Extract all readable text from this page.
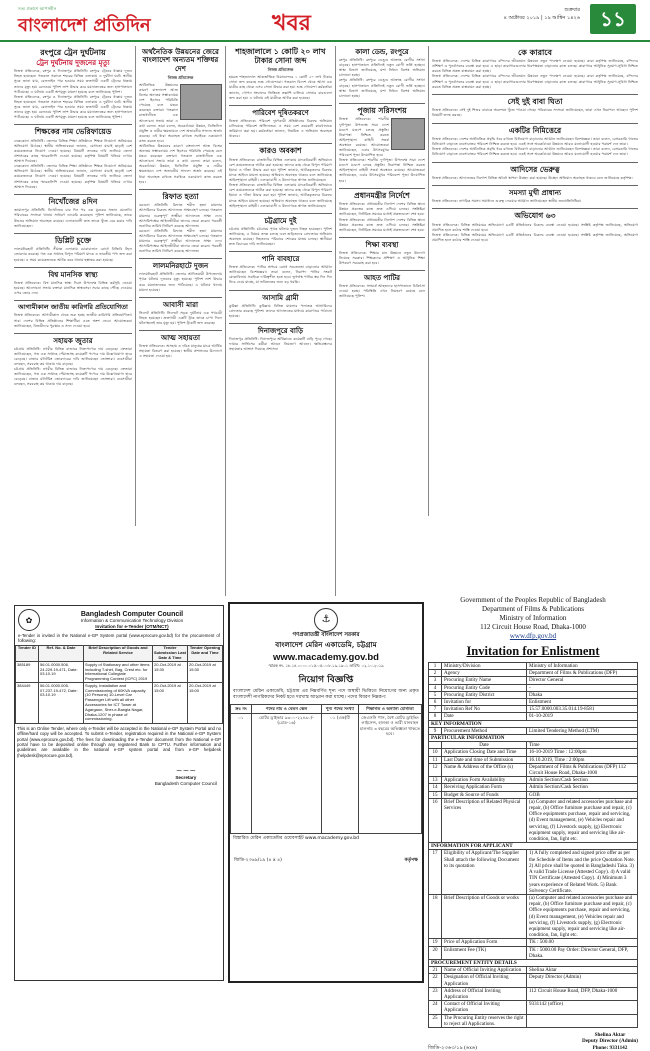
সত্য প্রকাশে আপসহীন
বাংলাদেশ প্রতিদিন	খবর	শুক্রবার
৪ অক্টোবর ২০১৯ | ১৯ আশ্বিন ১৪২৬	১১
রংপুরে ট্রেন দুর্ঘটনায়
ট্রেন দুর্ঘটনায় দুজনের মৃত্যু
নিজস্ব প্রতিবেদক, রংপুর ও দিনাজপুর প্রতিনিধি: রংপুরে ট্রেনের ধাক্কায় দুজন নিহত হয়েছেন। গতকাল সকালে শহরের বিভিন্ন এলাকায় এ দুর্ঘটনা ঘটে। স্থানীয় সূত্রে জানা যায়, রেললাইন পার হওয়ার সময় দ্রুতগামী একটি ট্রেনের ধাক্কায় তাদের মৃত্যু হয়। রেলওয়ে পুলিশ লাশ উদ্ধার করে ময়নাতদন্তের জন্য হাসপাতালে পাঠিয়েছে। এ ঘটনায় একটি অপমৃত্যু মামলা হয়েছে বলে জানিয়েছে পুলিশ।
নিজস্ব প্রতিবেদক, রংপুর ও দিনাজপুর প্রতিনিধি: রংপুরে ট্রেনের ধাক্কায় দুজন নিহত হয়েছেন। গতকাল সকালে শহরের বিভিন্ন এলাকায় এ দুর্ঘটনা ঘটে। স্থানীয় সূত্রে জানা যায়, রেললাইন পার হওয়ার সময় দ্রুতগামী একটি ট্রেনের ধাক্কায় তাদের মৃত্যু হয়। রেলওয়ে পুলিশ লাশ উদ্ধার করে ময়নাতদন্তের জন্য হাসপাতালে পাঠিয়েছে। এ ঘটনায় একটি অপমৃত্যু মামলা হয়েছে বলে জানিয়েছে পুলিশ।
শিক্ষকের নাম ভেরিফায়েড
নেত্রকোনা প্রতিনিধি: জেলার বিভিন্ন শিক্ষা প্রতিষ্ঠানে শিক্ষক নিয়োগে অনিয়মের অভিযোগ উঠেছে। স্থানীয় অভিভাবকরা জানান, যোগ্যতা যাচাই ছাড়াই বেশ কয়েকজনকে নিয়োগ দেওয়া হয়েছে। বিষয়টি তদন্তের দাবি জানিয়ে জেলা প্রশাসকের কাছে স্মারকলিপি দেওয়া হয়েছে। কর্তৃপক্ষ বিষয়টি খতিয়ে দেখার আশ্বাস দিয়েছে।
নেত্রকোনা প্রতিনিধি: জেলার বিভিন্ন শিক্ষা প্রতিষ্ঠানে শিক্ষক নিয়োগে অনিয়মের অভিযোগ উঠেছে। স্থানীয় অভিভাবকরা জানান, যোগ্যতা যাচাই ছাড়াই বেশ কয়েকজনকে নিয়োগ দেওয়া হয়েছে। বিষয়টি তদন্তের দাবি জানিয়ে জেলা প্রশাসকের কাছে স্মারকলিপি দেওয়া হয়েছে। কর্তৃপক্ষ বিষয়টি খতিয়ে দেখার আশ্বাস দিয়েছে।
নিখোঁজের ৪দিন
জামালপুর প্রতিনিধি: নিখোঁজের চার দিন পর এক যুবকের সন্ধান মেলেনি। পরিবারের সদস্যরা থানায় সাধারণ ডায়েরি করেছেন। পুলিশ জানিয়েছে, তাকে উদ্ধারে অভিযান অব্যাহত রয়েছে। এলাকাবাসী দ্রুত তাকে খুঁজে বের করার দাবি জানিয়েছেন।
ডিপ্লিট চুক্তে
লালমনিরহাট প্রতিনিধি: সীমান্ত এলাকায় চোরাচালান রোধে বিজিবি টহল জোরদার করেছে। গত এক সপ্তাহে বিপুল পরিমাণ মাদক ও ভারতীয় পণ্য জব্দ করা হয়েছে। এ সময় কয়েকজনকে আটক করে থানায় হস্তান্তর করা হয়েছে।
বিশ্ব মানসিক স্বাস্থ্য
নিজস্ব প্রতিবেদক: বিশ্ব মানসিক স্বাস্থ্য দিবস উপলক্ষে বিভিন্ন কর্মসূচি নেওয়া হয়েছে। আলোচনা সভায় বক্তারা মানসিক স্বাস্থ্যসেবা সবার কাছে পৌঁছে দেওয়ার ওপর জোর দেন।
আগামীকাল জাতীয় কারিগরি প্রতিযোগিতা
নিজস্ব প্রতিবেদক: আগামীকাল থেকে শুরু হচ্ছে জাতীয় কারিগরি প্রতিযোগিতা। সারা দেশের বিভিন্ন প্রতিষ্ঠানের শিক্ষার্থীরা এতে অংশ নেবে। আয়োজকরা জানিয়েছেন, বিজয়ীদের পুরস্কার ও সনদ দেওয়া হবে।
সহায়ক জুতার
চট্টগ্রাম প্রতিনিধি: নগরীর বিভিন্ন বাজারে নিত্যপণ্যের দাম বেড়েছে। ক্রেতারা জানিয়েছেন, গত এক সপ্তাহে পেঁয়াজসহ কয়েকটি পণ্যের দাম উল্লেখযোগ্য হারে বেড়েছে। বাজার মনিটরিং জোরদারের দাবি জানিয়েছেন ভোক্তারা। ব্যবসায়ীরা বলছেন, সরবরাহ কম থাকায় দাম বাড়ছে।
চট্টগ্রাম প্রতিনিধি: নগরীর বিভিন্ন বাজারে নিত্যপণ্যের দাম বেড়েছে। ক্রেতারা জানিয়েছেন, গত এক সপ্তাহে পেঁয়াজসহ কয়েকটি পণ্যের দাম উল্লেখযোগ্য হারে বেড়েছে। বাজার মনিটরিং জোরদারের দাবি জানিয়েছেন ভোক্তারা। ব্যবসায়ীরা বলছেন, সরবরাহ কম থাকায় দাম বাড়ছে।
অর্থনৈতিক উন্নয়নের জেরে বাংলাদেশ অন্যতম শক্তিধর দেশ
নিজস্ব প্রতিবেদক
অর্থনৈতিক উন্নয়নের কারণে বাংলাদেশ আজ বিশ্বের অন্যতম সম্ভাবনাময় দেশ হিসেবে পরিচিতি পেয়েছে বলে মন্তব্য করেছেন বক্তারা। গতকাল রাজধানীতে এক আলোচনা সভায় তারা এ কথা বলেন। তারা বলেন, অবকাঠামো উন্নয়ন, ডিজিটাল প্রযুক্তি ও নারীর ক্ষমতায়নে দেশ অভাবনীয় সাফল্য অর্জন করেছে। এই ধারা অব্যাহত রাখতে সবাইকে একযোগে কাজ করতে হবে।
অর্থনৈতিক উন্নয়নের কারণে বাংলাদেশ আজ বিশ্বের অন্যতম সম্ভাবনাময় দেশ হিসেবে পরিচিতি পেয়েছে বলে মন্তব্য করেছেন বক্তারা। গতকাল রাজধানীতে এক আলোচনা সভায় তারা এ কথা বলেন। তারা বলেন, অবকাঠামো উন্নয়ন, ডিজিটাল প্রযুক্তি ও নারীর ক্ষমতায়নে দেশ অভাবনীয় সাফল্য অর্জন করেছে। এই ধারা অব্যাহত রাখতে সবাইকে একযোগে কাজ করতে হবে।
রিফাত হত্যা
বরগুনা প্রতিনিধি: রিফাত শরীফ হত্যা মামলার আসামিদের বিরুদ্ধে আদালতে সাক্ষ্যগ্রহণ চলছে। গতকাল মামলার গুরুত্বপূর্ণ সাক্ষীরা আদালতে সাক্ষ্য দেন। আসামিপক্ষের আইনজীবীরা তাদের জেরা করেন। পরবর্তী শুনানির তারিখ নির্ধারণ করেছে আদালত।
বরগুনা প্রতিনিধি: রিফাত শরীফ হত্যা মামলার আসামিদের বিরুদ্ধে আদালতে সাক্ষ্যগ্রহণ চলছে। গতকাল মামলার গুরুত্বপূর্ণ সাক্ষীরা আদালতে সাক্ষ্য দেন। আসামিপক্ষের আইনজীবীরা তাদের জেরা করেন। পরবর্তী শুনানির তারিখ নির্ধারণ করেছে আদালত।
লালমনিরহাটে দুজন
লালমনিরহাট প্রতিনিধি: জেলার আদিতমারী উপজেলায় পৃথক ঘটনায় দুজনের মৃত্যু হয়েছে। পুলিশ লাশ উদ্ধার করে ময়নাতদন্তের জন্য পাঠিয়েছে। এ ঘটনায় থানায় মামলা হয়েছে।
আবাসী মারা
সিলেট প্রতিনিধি: সিলেটে সড়ক দুর্ঘটনায় এক পথচারী নিহত হয়েছেন। দ্রুতগামী একটি ট্রাক তাকে চাপা দিলে ঘটনাস্থলেই তার মৃত্যু হয়। পুলিশ ট্রাকটি জব্দ করেছে।
আত্ম সহায়তা
নিজস্ব প্রতিবেদক: অসহায় ও দরিদ্র মানুষের মাঝে আর্থিক সহায়তা বিতরণ করা হয়েছে। স্থানীয় প্রশাসনের উদ্যোগে এ সহায়তা দেওয়া হয়।
শাহজালালে ১ কোটি ২০ লাখ টাকার সোনা জব্দ
নিজস্ব প্রতিবেদক
হযরত শাহজালাল আন্তর্জাতিক বিমানবন্দরে ১ কোটি ২০ লাখ টাকার সোনা জব্দ করেছে শুল্ক গোয়েন্দারা। গতকাল বিদেশ থেকে আসা এক যাত্রীর কাছ থেকে এসব সোনা উদ্ধার করা হয়। শুল্ক গোয়েন্দা কর্মকর্তারা জানান, গোপন সংবাদের ভিত্তিতে তল্লাশি চালিয়ে সোনার বারগুলো জব্দ করা হয়। এ ঘটনায় ওই যাত্রীকে আটক করা হয়েছে।
পারিবেশ দূষিতকরণে
নিজস্ব প্রতিবেদক: পরিবেশ দূষণকারী প্রতিষ্ঠানের বিরুদ্ধে অভিযান চালিয়েছে পরিবেশ অধিদফতর। এ সময় বেশ কয়েকটি কারখানাকে জরিমানা করা হয়। কর্মকর্তারা জানান, নিয়মিত এ অভিযান অব্যাহত থাকবে।
কারও অবকাশ
নিজস্ব প্রতিবেদক: রাজধানীর বিভিন্ন এলাকায় মাদকবিরোধী অভিযানে বেশ কয়েকজনকে আটক করা হয়েছে। তাদের কাছ থেকে বিপুল পরিমাণ ইয়াবা ও গাঁজা উদ্ধার করা হয়। পুলিশ জানায়, আটককৃতদের বিরুদ্ধে মাদক আইনে মামলা হয়েছে। অভিযান অব্যাহত থাকবে বলে জানিয়েছে আইনশৃঙ্খলা বাহিনী। এলাকাবাসী এ উদ্যোগকে স্বাগত জানিয়েছেন।
নিজস্ব প্রতিবেদক: রাজধানীর বিভিন্ন এলাকায় মাদকবিরোধী অভিযানে বেশ কয়েকজনকে আটক করা হয়েছে। তাদের কাছ থেকে বিপুল পরিমাণ ইয়াবা ও গাঁজা উদ্ধার করা হয়। পুলিশ জানায়, আটককৃতদের বিরুদ্ধে মাদক আইনে মামলা হয়েছে। অভিযান অব্যাহত থাকবে বলে জানিয়েছে আইনশৃঙ্খলা বাহিনী। এলাকাবাসী এ উদ্যোগকে স্বাগত জানিয়েছেন।
চট্টগ্রামে দুই
চট্টগ্রাম প্রতিনিধি: চট্টগ্রামে পৃথক ঘটনায় দুজন নিহত হয়েছেন। পুলিশ জানিয়েছে, এ বিষয়ে তদন্ত চলছে এবং জড়িতদের গ্রেফতারে অভিযান অব্যাহত রয়েছে। নিহতদের পরিবারে শোকের মাতম চলছে। স্থানীয়রা দ্রুত বিচারের দাবি জানিয়েছেন।
পানি বাবহারে
নিজস্ব প্রতিবেদক: পানির অপচয় রোধে সচেতনতা বাড়ানোর আহ্বান জানিয়েছেন বিশেষজ্ঞরা। তারা বলেন, নিরাপদ পানির সংকট মোকাবিলায় সবাইকে দায়িত্বশীল হতে হবে। ভূগর্ভস্থ পানির স্তর দিন দিন নিচে নেমে যাচ্ছে, যা ভবিষ্যতের জন্য বড় হুমকি।
আসামি গ্রামী
কুমিল্লা প্রতিনিধি: কুমিল্লায় বিভিন্ন মামলার পলাতক আসামিদের গ্রেফতার করেছে পুলিশ। তাদের আদালতের মাধ্যমে কারাগারে পাঠানো হয়েছে।
দিনাজপুরে বাড়ি
দিনাজপুর প্রতিনিধি: দিনাজপুরে অগ্নিকাণ্ডে কয়েকটি বাড়ি পুড়ে গেছে। ফায়ার সার্ভিসের কর্মীরা আগুন নিয়ন্ত্রণে আনেন। ক্ষতিগ্রস্তদের সহায়তার আশ্বাস দিয়েছে প্রশাসন।
কালা ডেন্ড, রংপুরে
রংপুর প্রতিনিধি: রংপুরে ডেঙ্গু আক্রান্ত রোগীর সংখ্যা বাড়ছে। হাসপাতালে প্রতিদিনই নতুন রোগী ভর্তি হচ্ছেন। স্বাস্থ্য বিভাগ জানিয়েছে, মশা নিধনে বিশেষ অভিযান চালানো হচ্ছে।
রংপুর প্রতিনিধি: রংপুরে ডেঙ্গু আক্রান্ত রোগীর সংখ্যা বাড়ছে। হাসপাতালে প্রতিদিনই নতুন রোগী ভর্তি হচ্ছেন। স্বাস্থ্য বিভাগ জানিয়েছে, মশা নিধনে বিশেষ অভিযান চালানো হচ্ছে।
পূজায় সরিসংশয়
নিজস্ব প্রতিবেদক: শারদীয় দুর্গাপূজা উপলক্ষে সারা দেশে মণ্ডপে মণ্ডপে চলছে প্রস্তুতি। নিরাপত্তা নিশ্চিত করতে আইনশৃঙ্খলা বাহিনী সতর্ক অবস্থানে রয়েছে। আয়োজকরা জানিয়েছেন, এবার উৎসবমুখর পরিবেশে পূজা উদযাপিত হবে।
নিজস্ব প্রতিবেদক: শারদীয় দুর্গাপূজা উপলক্ষে সারা দেশে মণ্ডপে মণ্ডপে চলছে প্রস্তুতি। নিরাপত্তা নিশ্চিত করতে আইনশৃঙ্খলা বাহিনী সতর্ক অবস্থানে রয়েছে। আয়োজকরা জানিয়েছেন, এবার উৎসবমুখর পরিবেশে পূজা উদযাপিত হবে।
প্রধানমন্ত্রীর নির্দেশে
নিজস্ব প্রতিবেদক: প্রধানমন্ত্রীর নির্দেশে দেশের বিভিন্ন স্থানে উন্নয়ন প্রকল্পের কাজ দ্রুত এগিয়ে চলছে। সংশ্লিষ্টরা জানিয়েছেন, নির্ধারিত সময়ের মধ্যেই প্রকল্পগুলো শেষ হবে।
নিজস্ব প্রতিবেদক: প্রধানমন্ত্রীর নির্দেশে দেশের বিভিন্ন স্থানে উন্নয়ন প্রকল্পের কাজ দ্রুত এগিয়ে চলছে। সংশ্লিষ্টরা জানিয়েছেন, নির্ধারিত সময়ের মধ্যেই প্রকল্পগুলো শেষ হবে।
শিক্ষা ব্যবস্থা
নিজস্ব প্রতিবেদক: শিক্ষার মান উন্নয়নে নতুন উদ্যোগ নিয়েছে সরকার। শিক্ষকদের প্রশিক্ষণ ও আধুনিক শিক্ষা উপকরণ সরবরাহ করা হবে।
আহত পাটির
নিজস্ব প্রতিবেদক: সংঘর্ষে আহতদের হাসপাতালে চিকিৎসা দেওয়া হচ্ছে। পরিস্থিতি এখন নিয়ন্ত্রণে রয়েছে বলে জানিয়েছে পুলিশ।
কে কারাবে
নিজস্ব প্রতিবেদক: দেশের বিভিন্ন কারাগারে বন্দিদের জীবনমান উন্নয়নে নতুন পদক্ষেপ নেওয়া হয়েছে। কারা কর্তৃপক্ষ জানিয়েছে, বন্দিদের প্রশিক্ষণ ও পুনর্বাসনের ব্যবস্থা করা হবে। এ ছাড়া কারাগারগুলোর ধারণক্ষমতা বাড়ানোর কাজ চলছে। কারাগারে আধুনিক সুযোগ-সুবিধা নিশ্চিত করতে বিভিন্ন প্রকল্প বাস্তবায়ন করা হচ্ছে।
নিজস্ব প্রতিবেদক: দেশের বিভিন্ন কারাগারে বন্দিদের জীবনমান উন্নয়নে নতুন পদক্ষেপ নেওয়া হয়েছে। কারা কর্তৃপক্ষ জানিয়েছে, বন্দিদের প্রশিক্ষণ ও পুনর্বাসনের ব্যবস্থা করা হবে। এ ছাড়া কারাগারগুলোর ধারণক্ষমতা বাড়ানোর কাজ চলছে। কারাগারে আধুনিক সুযোগ-সুবিধা নিশ্চিত করতে বিভিন্ন প্রকল্প বাস্তবায়ন করা হচ্ছে।
সেই দুই বাবা ঘিতা
নিজস্ব প্রতিবেদক: সেই দুই শিশুর বাবাকে অবশেষে খুঁজে পাওয়া গেছে। পরিবারের সদস্যরা জানিয়েছেন, তারা এখন নিরাপদে আছেন। পুলিশ বিষয়টি তদন্ত করছে।
একটির নিমিত্তেরে
নিজস্ব প্রতিবেদক: দেশের অর্থনৈতিক প্রবৃদ্ধি ধরে রাখতে বিনিয়োগ বাড়ানোর আহ্বান জানিয়েছেন বিশেষজ্ঞরা। তারা বলেন, বেসরকারি খাতের বিনিয়োগ বাড়াতে ব্যবসাবান্ধব পরিবেশ নিশ্চিত করতে হবে। একই সঙ্গে অবকাঠামো উন্নয়নে আরও মনোযোগী হওয়ার পরামর্শ দেন তারা।
নিজস্ব প্রতিবেদক: দেশের অর্থনৈতিক প্রবৃদ্ধি ধরে রাখতে বিনিয়োগ বাড়ানোর আহ্বান জানিয়েছেন বিশেষজ্ঞরা। তারা বলেন, বেসরকারি খাতের বিনিয়োগ বাড়াতে ব্যবসাবান্ধব পরিবেশ নিশ্চিত করতে হবে। একই সঙ্গে অবকাঠামো উন্নয়নে আরও মনোযোগী হওয়ার পরামর্শ দেন তারা।
আদিসের ভেরুত্ব
নিজস্ব প্রতিবেদক: আদালতের নির্দেশে বিভিন্ন অবৈধ স্থাপনা উচ্ছেদ করা হয়েছে। উচ্ছেদ অভিযান অব্যাহত থাকবে বলে জানিয়েছে কর্তৃপক্ষ।
সমস্যা মুখী প্রাধান্য
নিজস্ব প্রতিবেদক: নাগরিক সমস্যা সমাধানে গুরুত্ব দেওয়ার আহ্বান জানিয়েছেন স্থানীয় জনপ্রতিনিধিরা।
অভিযোগ ৬৩
নিজস্ব প্রতিবেদক: বিভিন্ন অনিয়মের অভিযোগে ৬৩টি প্রতিষ্ঠানের বিরুদ্ধে ব্যবস্থা নেওয়া হয়েছে। সংশ্লিষ্ট কর্তৃপক্ষ জানিয়েছে, অভিযোগ প্রমাণিত হলে কঠোর শাস্তি দেওয়া হবে।
নিজস্ব প্রতিবেদক: বিভিন্ন অনিয়মের অভিযোগে ৬৩টি প্রতিষ্ঠানের বিরুদ্ধে ব্যবস্থা নেওয়া হয়েছে। সংশ্লিষ্ট কর্তৃপক্ষ জানিয়েছে, অভিযোগ প্রমাণিত হলে কঠোর শাস্তি দেওয়া হবে।
✿
Bangladesh Computer Council
Information & Communication Technology Division
Invitation for e-Tender (OTM/NCT)
e-Tender is invited in the National e-GP System portal (www.eprocure.gov.bd) for the procurement of following:
Tender ID	Ref. No. & Date	Brief Description of Goods and Related Service	Tender Submission Last Date & Time	Tender Opening Date and Time
385189	56.01.0000.506. 24.229.19-471, Date: 03.10.19	Supply of Stationary and other items including T-shirt, Bag, Crest etc. for International Collegiate Programming Contest (ICPC) 2019	20-Oct-2019 at 15:30	20-Oct-2019 at 15:30
384449	56.01.0000.005. 07.237.19-472, Date: 03.10.19	Supply, Installation and Commissioning of 60KVA capacity (10 Persons) 10-Level Car Passenger Lift with all other Accessories for ICT Tower at Agargaon, Sher-e-Bangla Nagar, Dhaka-1207 in phase of commissioning.	20-Oct-2019 at 15:00	20-Oct-2019 at 15:00
This is an Online Tender, where only e-Tender will be accepted in the National e-GP System Portal and no offline/hard copy will be accepted. To submit e-Tender, registration required in the National e-GP System portal (www.eprocure.gov.bd). The fees for downloading the e-Tender document from the National e-GP portal have to be deposited online through any registered Bank to CPTU. Further information and guidelines are available in the national e-GP system portal and from e-GP helpdesk (helpdesk@eprocure.gov.bd).
~~~
Secretary
Bangladesh Computer Council
⚓
গণপ্রজাতন্ত্রী বাংলাদেশ সরকার
বাংলাদেশ মেরিন একাডেমি, চট্টগ্রাম
www.macademy.gov.bd
স্মারক নং- ১৮.১৪.০০০০.০১৫.০৫.০০৮.১৯-১৯০১ তারিখ: ০২.১০.২০১৯
নিয়োগ বিজ্ঞপ্তি
বাংলাদেশ মেরিন একাডেমি, চট্টগ্রাম এর নিম্নবর্ণিত শূন্য পদে অস্থায়ী ভিত্তিতে নিয়োগের জন্য প্রকৃত বাংলাদেশী নাগরিকদের নিকট হতে দরখাস্ত আহ্বান করা যাচ্ছে। পদের বিবরণ নিম্নরূপ:
ক্রঃ নং	পদের নাম ও বেতন স্কেল	শূন্য পদের সংখ্যা	শিক্ষাগত ও অন্যান্য যোগ্যতা
০১	মোটর ড্রাইভার ৯৩০০-২২৪৯০/- (গ্রেড-১৬)	০১ (এক)টি	জেএসসি পাস, বৈধ মোটর ড্রাইভিং লাইসেন্স, হালকা ও ভারী যানবাহন চালনায় ৩ বছরের অভিজ্ঞতা থাকতে হবে।
বিস্তারিত মেরিন একাডেমির ওয়েবসাইট www.macademy.gov.bd
জিডি-২৩৬৯/১৯ (৪ x ৪)	কর্তৃপক্ষ
Government of the Peoples Republic of Bangladesh
Department of Films & Publications
Ministry of Information
112 Circuit House Road, Dhaka-1000
www.dfp.gov.bd
Invitation for Enlistment
1	Ministry/Division	Ministry of Information
2	Agency	Department of Films & Publications (DFP)
3	Procuring Entity Name	Director General
4	Procuring Entity Code	-
5	Procuring Entity District	Dhaka
6	Invitation for	Enlistment
7	Invitation Ref No	15.57.0000.003.35.014.19-8581
8	Date	01-10-2019
KEY INFORMATION		
9	Procurement Method	Limited Tendering Method (LTM)
PARTICULAR INFORMATION		
	Date	Time
10	Application Closing Date and Time	16-10-2019 Time : 12:00pm
11	Last Date and time of Submission	16.10.2019, Time : 2:00pm
12	Name & Address of the Office (s)	Department of Films & Publications (DFP) 112 Circuit House Road, Dhaka-1000
13	Application Form Availability	Admin Section/Cash Section
14	Receiving Application Form	Admin Section/Cash Section
15	Budget & Source of Funds	GOB
16	Brief Description of Related Physical Services	(a) Computer and related accessories purchase and repair, (b) Office furniture purchase and repair, (c) Office equipments purchase, repair and servicing, (d) Event management, (e) Vehicles repair and servicing, (f) Livestock supply, (g) Electronic equipment supply, repair and servicing like air-condition, fan, light etc.
INFORMATION FOR APPLICANT		
17	Eligibility of Applicant/The Supplier Shall attach the following Document to its quotation	1) A fully completed and signed price offer as per the Schedule of Items and the price Quotation Note. 2) All price shall be quoted in Bangladeshi Taka. 3) A valid Trade License (Attested Copy). 4) A valid TIN Certificate (Attested Copy). 4) Minimum 3 years experience of Related Work. 5) Bank Solvency Certificate.
18	Brief Description of Goods or works	(a) Computer and related accessories purchase and repair, (b) Office furniture purchase and repair, (c) Office equipments purchase, repair and servicing, (d) Event management, (e) Vehicles repair and servicing, (f) Livestock supply, (g) Electronic equipment supply, repair and servicing like air-condition, fan, light etc.
19	Price of Application Form	TK : 500.00
20	Enlistment Fee (TK)	TK : 5000.00 Pay Order: Director General, DFP, Dhaka.
PROCUREMENT ENTITY DETAILS		
21	Name of Official Inviting Application	Shelina Aktar
22	Designation of Official Inviting Application	Deputy Director (Admin)
23	Address of Official Inviting Application	112 Circuit House Road, DFP, Dhaka-1000
24	Contact of Official Inviting Application	9331142 (office)
25	The Procuring Entity reserves the right to reject all Applications.	
জিডি-২৩৬৩/১৯ (৬x৬)
Shelina Aktar
Deputy Director (Admin)
Phone: 9331142
